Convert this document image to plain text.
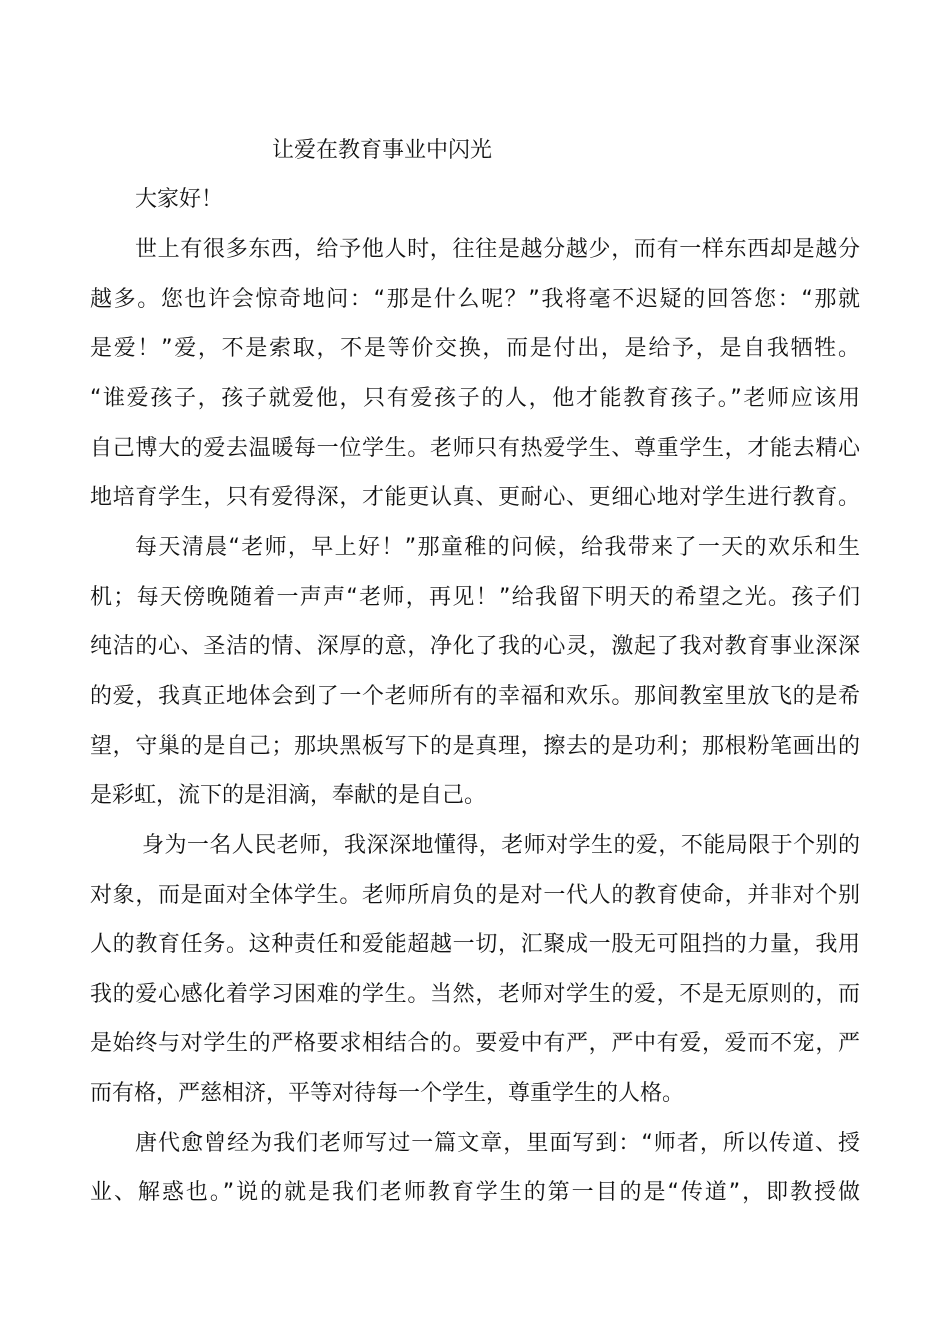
让爱在教育事业中闪光

大家好！

世上有很多东西，给予他人时，往往是越分越少，而有一样东西却是越分

越多。您也许会惊奇地问：“那是什么呢？”我将毫不迟疑的回答您：“那就

是爱！”爱，不是索取，不是等价交换，而是付出，是给予，是自我牺牲。

“谁爱孩子，孩子就爱他，只有爱孩子的人，他才能教育孩子。”老师应该用

自己博大的爱去温暖每一位学生。老师只有热爱学生、尊重学生，才能去精心

地培育学生，只有爱得深，才能更认真、更耐心、更细心地对学生进行教育。

每天清晨“老师，早上好！”那童稚的问候，给我带来了一天的欢乐和生

机；每天傍晚随着一声声“老师，再见！”给我留下明天的希望之光。孩子们

纯洁的心、圣洁的情、深厚的意，净化了我的心灵，激起了我对教育事业深深

的爱，我真正地体会到了一个老师所有的幸福和欢乐。那间教室里放飞的是希

望，守巢的是自己；那块黑板写下的是真理，擦去的是功利；那根粉笔画出的

是彩虹，流下的是泪滴，奉献的是自己。

身为一名人民老师，我深深地懂得，老师对学生的爱，不能局限于个别的

对象，而是面对全体学生。老师所肩负的是对一代人的教育使命，并非对个别

人的教育任务。这种责任和爱能超越一切，汇聚成一股无可阻挡的力量，我用

我的爱心感化着学习困难的学生。当然，老师对学生的爱，不是无原则的，而

是始终与对学生的严格要求相结合的。要爱中有严，严中有爱，爱而不宠，严

而有格，严慈相济，平等对待每一个学生，尊重学生的人格。

唐代愈曾经为我们老师写过一篇文章，里面写到：“师者，所以传道、授

业、解惑也。”说的就是我们老师教育学生的第一目的是“传道”，即教授做
